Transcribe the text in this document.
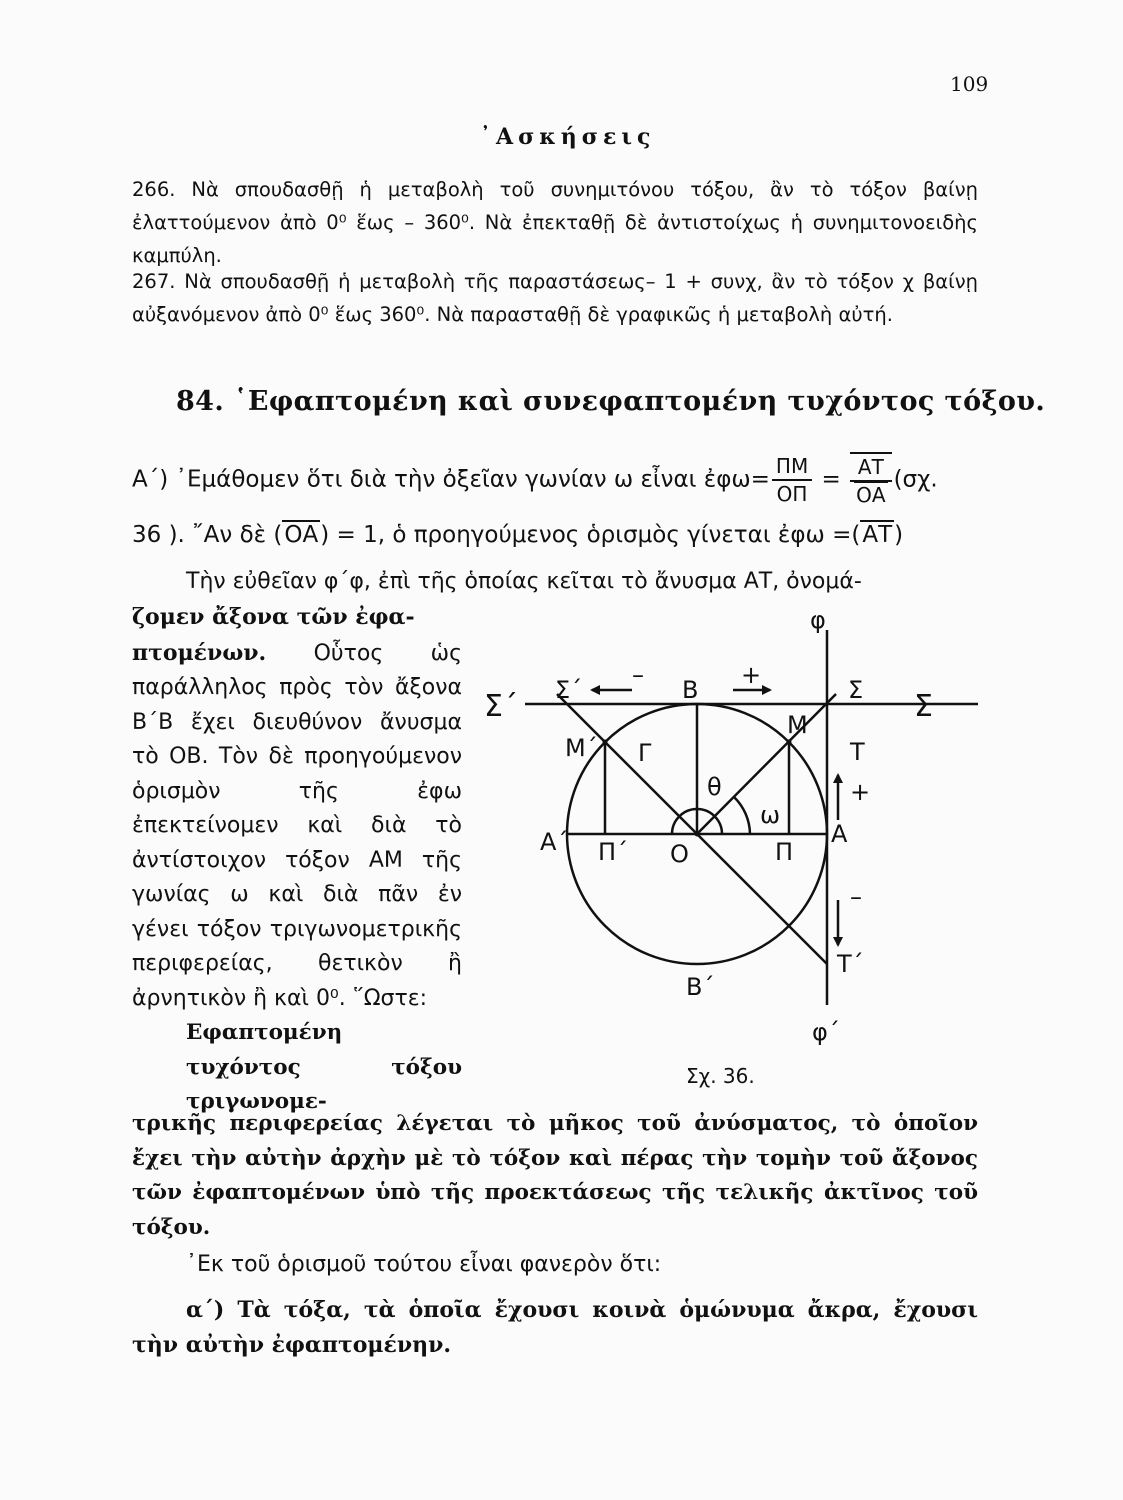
109
᾿Ασκήσεις
266. Νὰ σπουδασθῇ ἡ μεταβολὴ τοῦ συνημιτόνου τόξου, ἂν τὸ τόξον βαίνῃ ἐλαττούμενον ἀπὸ 0⁰ ἕως – 360⁰. Νὰ ἐπεκταθῇ δὲ ἀντιστοίχως ἡ συνημιτονοειδὴς καμπύλη.
267. Νὰ σπουδασθῇ ἡ μεταβολὴ τῆς παραστάσεως– 1 + συνχ, ἂν τὸ τόξον χ βαίνῃ αὐξανόμενον ἀπὸ 0⁰ ἕως 360⁰. Νὰ παρασταθῇ δὲ γραφικῶς ἡ μεταβολὴ αὐτή.
84. ῾Εφαπτομένη καὶ συνεφαπτομένη τυχόντος τόξου.
Α΄) ᾿Εμάθομεν ὅτι διὰ τὴν ὀξεῖαν γωνίαν ω εἶναι ἐφω= $\frac{\Pi M}{O\Pi} = \frac{AT}{OA} (\sigma\chi$.
36 ). ῎Αν δὲ (ΟΑ) = 1, ὁ προηγούμενος ὁρισμὸς γίνεται ἐφω =(ΑΤ)
Τὴν εὐθεῖαν φ΄φ, ἐπὶ τῆς ὁποίας κεῖται τὸ ἄνυσμα ΑΤ, ὀνομά-
ζομεν ἄξονα τῶν ἐφα-
πτομένων. Οὗτος ὡς παράλληλος πρὸς τὸν ἄξονα Β΄Β ἔχει διευθύνον ἄνυσμα τὸ ΟΒ. Τὸν δὲ προηγούμενον ὁρισμὸν τῆς ἐφω ἐπεκτείνομεν καὶ διὰ τὸ ἀντίστοιχον τόξον ΑΜ τῆς γωνίας ω καὶ διὰ πᾶν ἐν γένει τόξον τριγωνομετρικῆς περιφερείας, θετικὸν ἢ ἀρνητικὸν ἢ καὶ 0⁰. ῞Ωστε:
Εφαπτομένη τυχόντος τόξου τριγωνομε-
τρικῆς περιφερείας λέγεται τὸ μῆκος τοῦ ἀνύσματος, τὸ ὁποῖον ἔχει τὴν αὐτὴν ἀρχὴν μὲ τὸ τόξον καὶ πέρας τὴν τομὴν τοῦ ἄξονος τῶν ἐφαπτομένων ὑπὸ τῆς προεκτάσεως τῆς τελικῆς ἀκτῖνος τοῦ τόξου.
᾿Εκ τοῦ ὁρισμοῦ τούτου εἶναι φανερὸν ὅτι:
α΄) Τὰ τόξα, τὰ ὁποῖα ἔχουσι κοινὰ ὁμώνυμα ἄκρα, ἔχουσι τὴν αὐτὴν ἐφαπτομένην.
φ
φ΄
Σ΄ Σ΄
–
Β
+
Σ Σ
Μ
Μ΄ Γ
θ
ω
Τ
+
Α
Α΄ Π΄ Ο	Π
–
Τ΄
Β΄
Σχ. 36.
